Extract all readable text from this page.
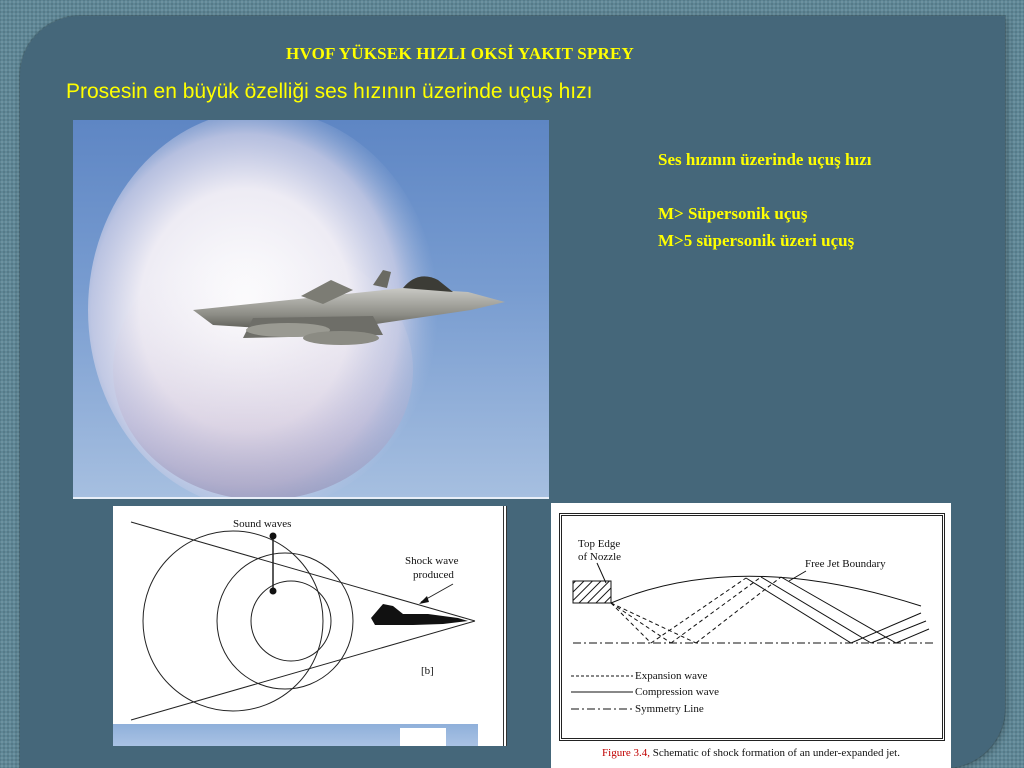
HVOF YÜKSEK HIZLI OKSİ YAKIT SPREY
Prosesin en büyük özelliği ses hızının üzerinde uçuş hızı
Ses hızının üzerinde uçuş hızı
M> Süpersonik uçuş
M>5 süpersonik üzeri uçuş
Sound waves
Shock wave
produced
[b]
Top Edge
of Nozzle
Free Jet Boundary
Expansion wave
Compression wave
Symmetry Line
Figure 3.4, Schematic of shock formation of an under-expanded jet.
